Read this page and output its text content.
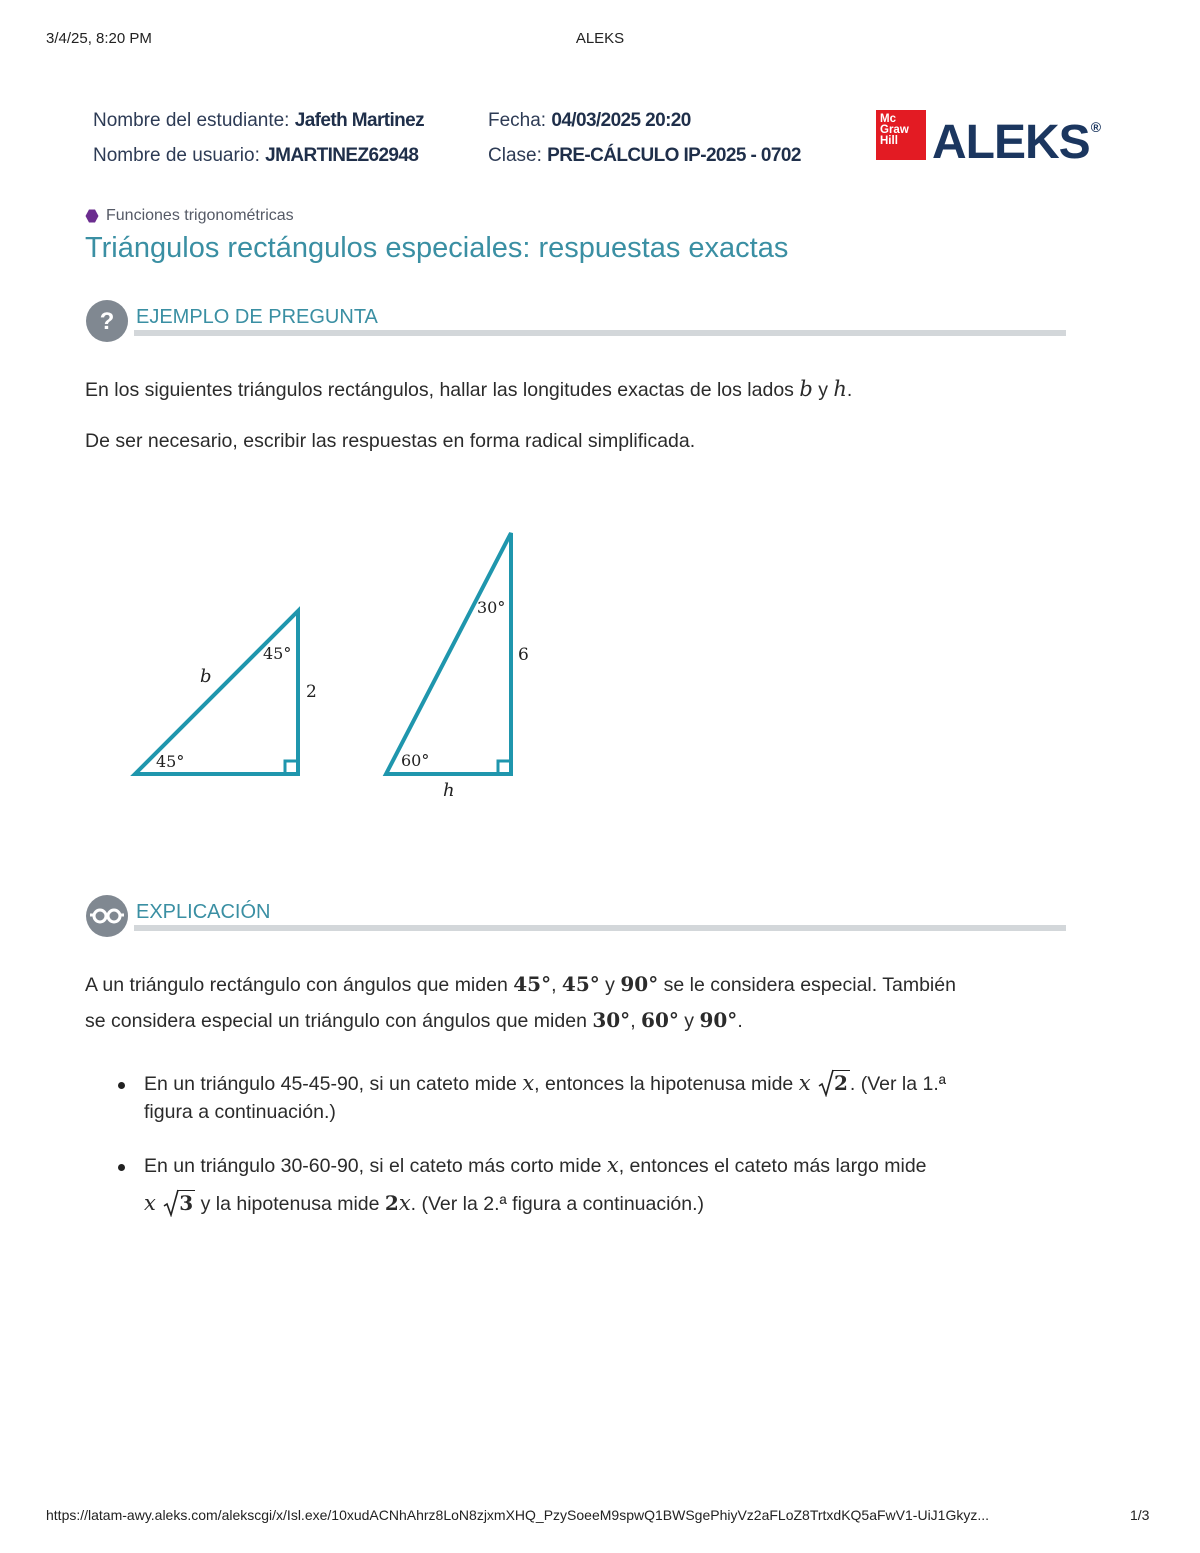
3/4/25, 8:20 PM	ALEKS
Nombre del estudiante: Jafeth Martinez
Nombre de usuario: JMARTINEZ62948
Fecha: 04/03/2025 20:20
Clase: PRE-CÁLCULO IP-2025 - 0702
Mc
Graw
Hill ALEKS®
Funciones trigonométricas
Triángulos rectángulos especiales: respuestas exactas
?	EJEMPLO DE PREGUNTA
En los siguientes triángulos rectángulos, hallar las longitudes exactas de los lados b y h.
De ser necesario, escribir las respuestas en forma radical simplificada.
b
45°
45°
2
30°
60°
6
h
EXPLICACIÓN
A un triángulo rectángulo con ángulos que miden 45°, 45° y 90° se le considera especial. También
se considera especial un triángulo con ángulos que miden 30°, 60° y 90°.
En un triángulo 45-45-90, si un cateto mide x, entonces la hipotenusa mide x 2 . (Ver la 1.ª
figura a continuación.)
En un triángulo 30-60-90, si el cateto más corto mide x, entonces el cateto más largo mide
x 3 y la hipotenusa mide 2x. (Ver la 2.ª figura a continuación.)
https://latam-awy.aleks.com/alekscgi/x/Isl.exe/10xudACNhAhrz8LoN8zjxmXHQ_PzySoeeM9spwQ1BWSgePhiyVz2aFLoZ8TrtxdKQ5aFwV1-UiJ1Gkyz...	1/3
